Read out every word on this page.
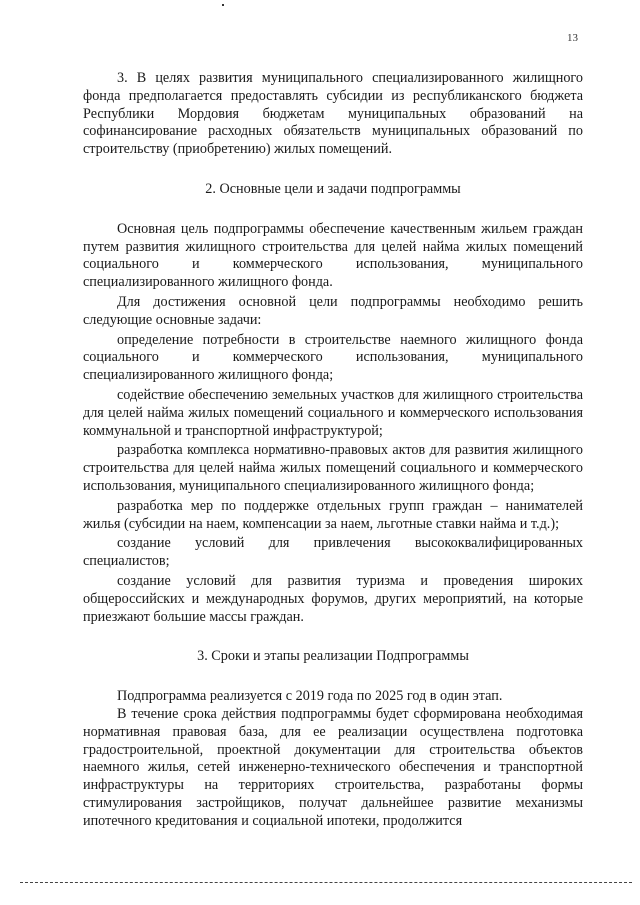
13

3. В целях развития муниципального специализированного жилищного фонда предполагается предоставлять субсидии из республиканского бюджета Республики Мордовия бюджетам муниципальных образований на софинансирование расходных обязательств муниципальных образований по строительству (приобретению) жилых помещений.

2. Основные цели и задачи подпрограммы

Основная цель подпрограммы обеспечение качественным жильем граждан путем развития жилищного строительства для целей найма жилых помещений социального и коммерческого использования, муниципального специализированного жилищного фонда.

Для достижения основной цели подпрограммы необходимо решить следующие основные задачи:

определение потребности в строительстве наемного жилищного фонда социального и коммерческого использования, муниципального специализированного жилищного фонда;

содействие обеспечению земельных участков для жилищного строительства для целей найма жилых помещений социального и коммерческого использования коммунальной и транспортной инфраструктурой;

разработка комплекса нормативно-правовых актов для развития жилищного строительства для целей найма жилых помещений социального и коммерческого использования, муниципального специализированного жилищного фонда;

разработка мер по поддержке отдельных групп граждан – нанимателей жилья (субсидии на наем, компенсации за наем, льготные ставки найма и т.д.);

создание условий для привлечения высококвалифицированных специалистов;

создание условий для развития туризма и проведения широких общероссийских и международных форумов, других мероприятий, на которые приезжают большие массы граждан.

3. Сроки и этапы реализации Подпрограммы

Подпрограмма реализуется с 2019 года по 2025 год в один этап.

В течение срока действия подпрограммы будет сформирована необходимая нормативная правовая база, для ее реализации осуществлена подготовка градостроительной, проектной документации для строительства объектов наемного жилья, сетей инженерно-технического обеспечения и транспортной инфраструктуры на территориях строительства, разработаны формы стимулирования застройщиков, получат дальнейшее развитие механизмы ипотечного кредитования и социальной ипотеки, продолжится
